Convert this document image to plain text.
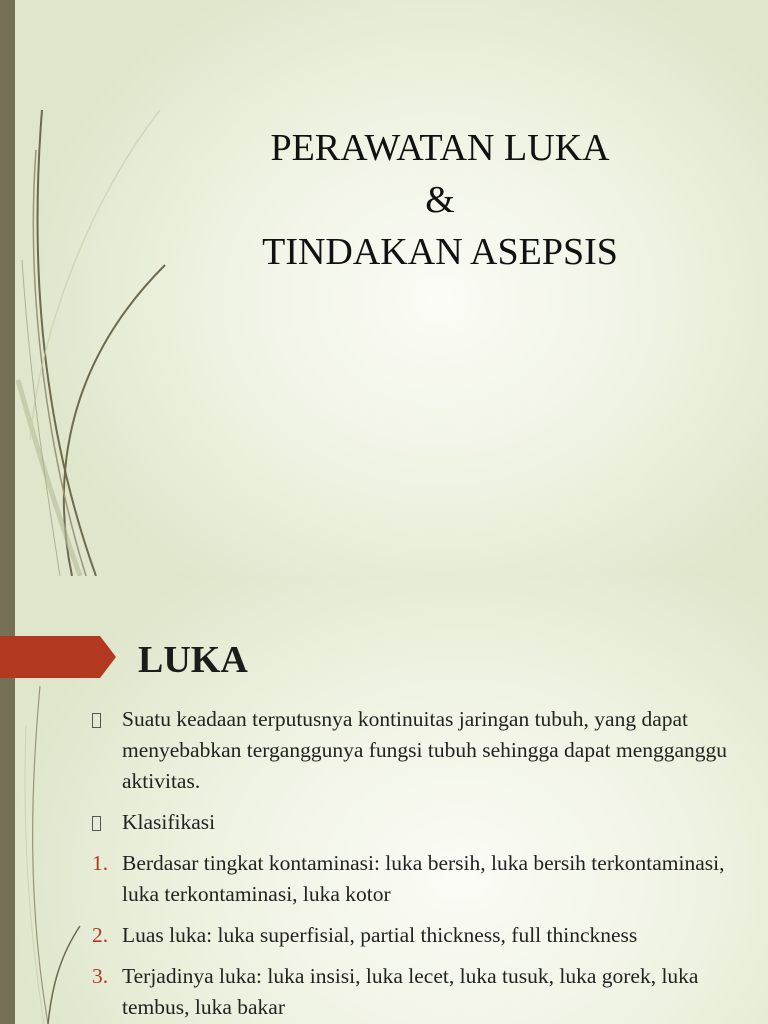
PERAWATAN LUKA
&
TINDAKAN ASEPSIS
LUKA
Suatu keadaan terputusnya kontinuitas jaringan tubuh, yang dapat menyebabkan terganggunya fungsi tubuh sehingga dapat mengganggu aktivitas.
Klasifikasi
1. Berdasar tingkat kontaminasi: luka bersih, luka bersih terkontaminasi, luka terkontaminasi, luka kotor
2. Luas luka: luka superfisial, partial thickness, full thinckness
3. Terjadinya luka: luka insisi, luka lecet, luka tusuk, luka gorek, luka tembus, luka bakar
